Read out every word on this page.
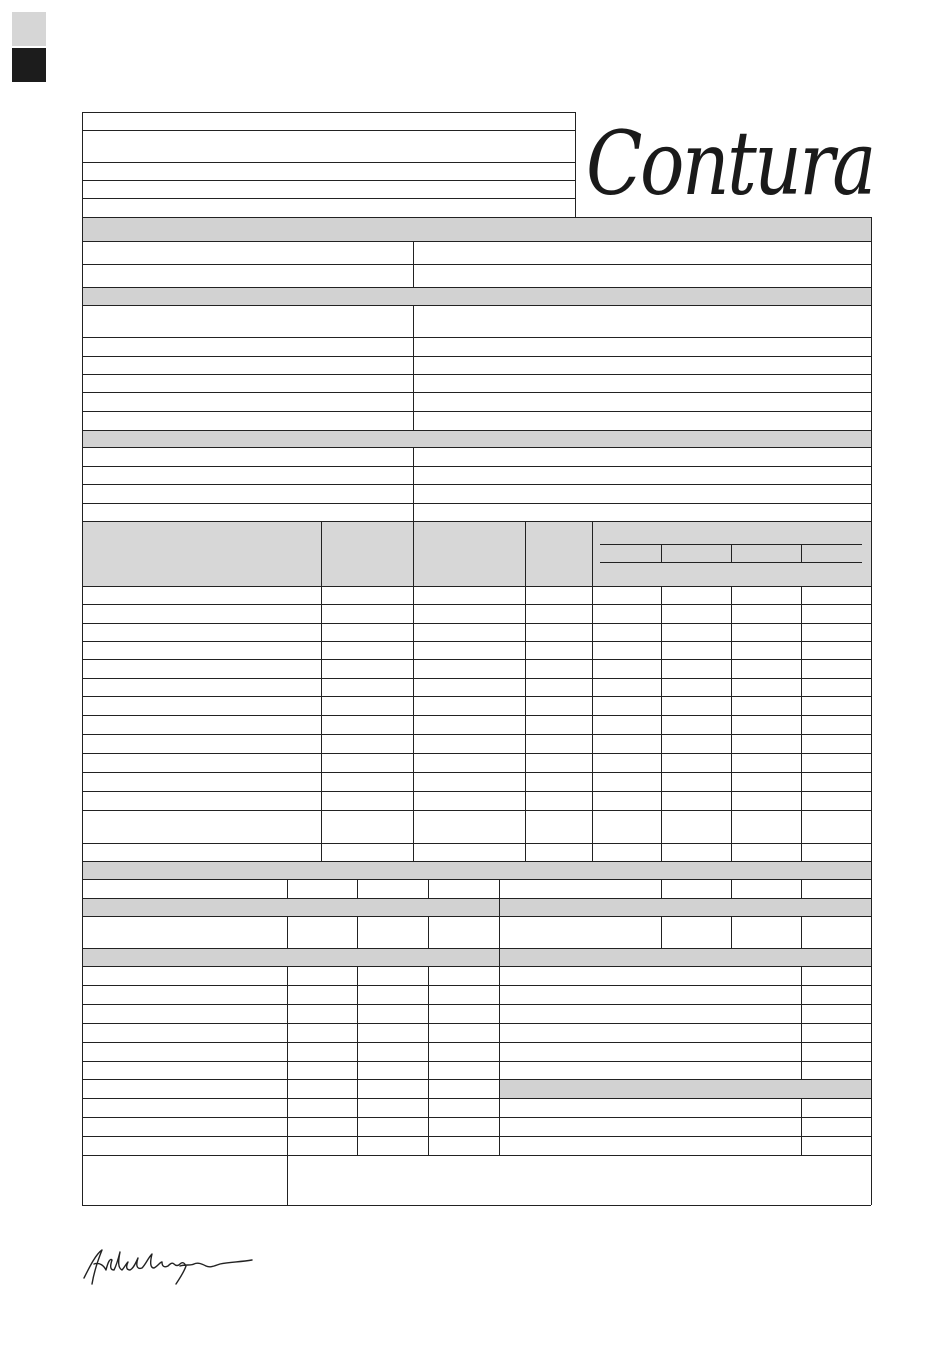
Contura
